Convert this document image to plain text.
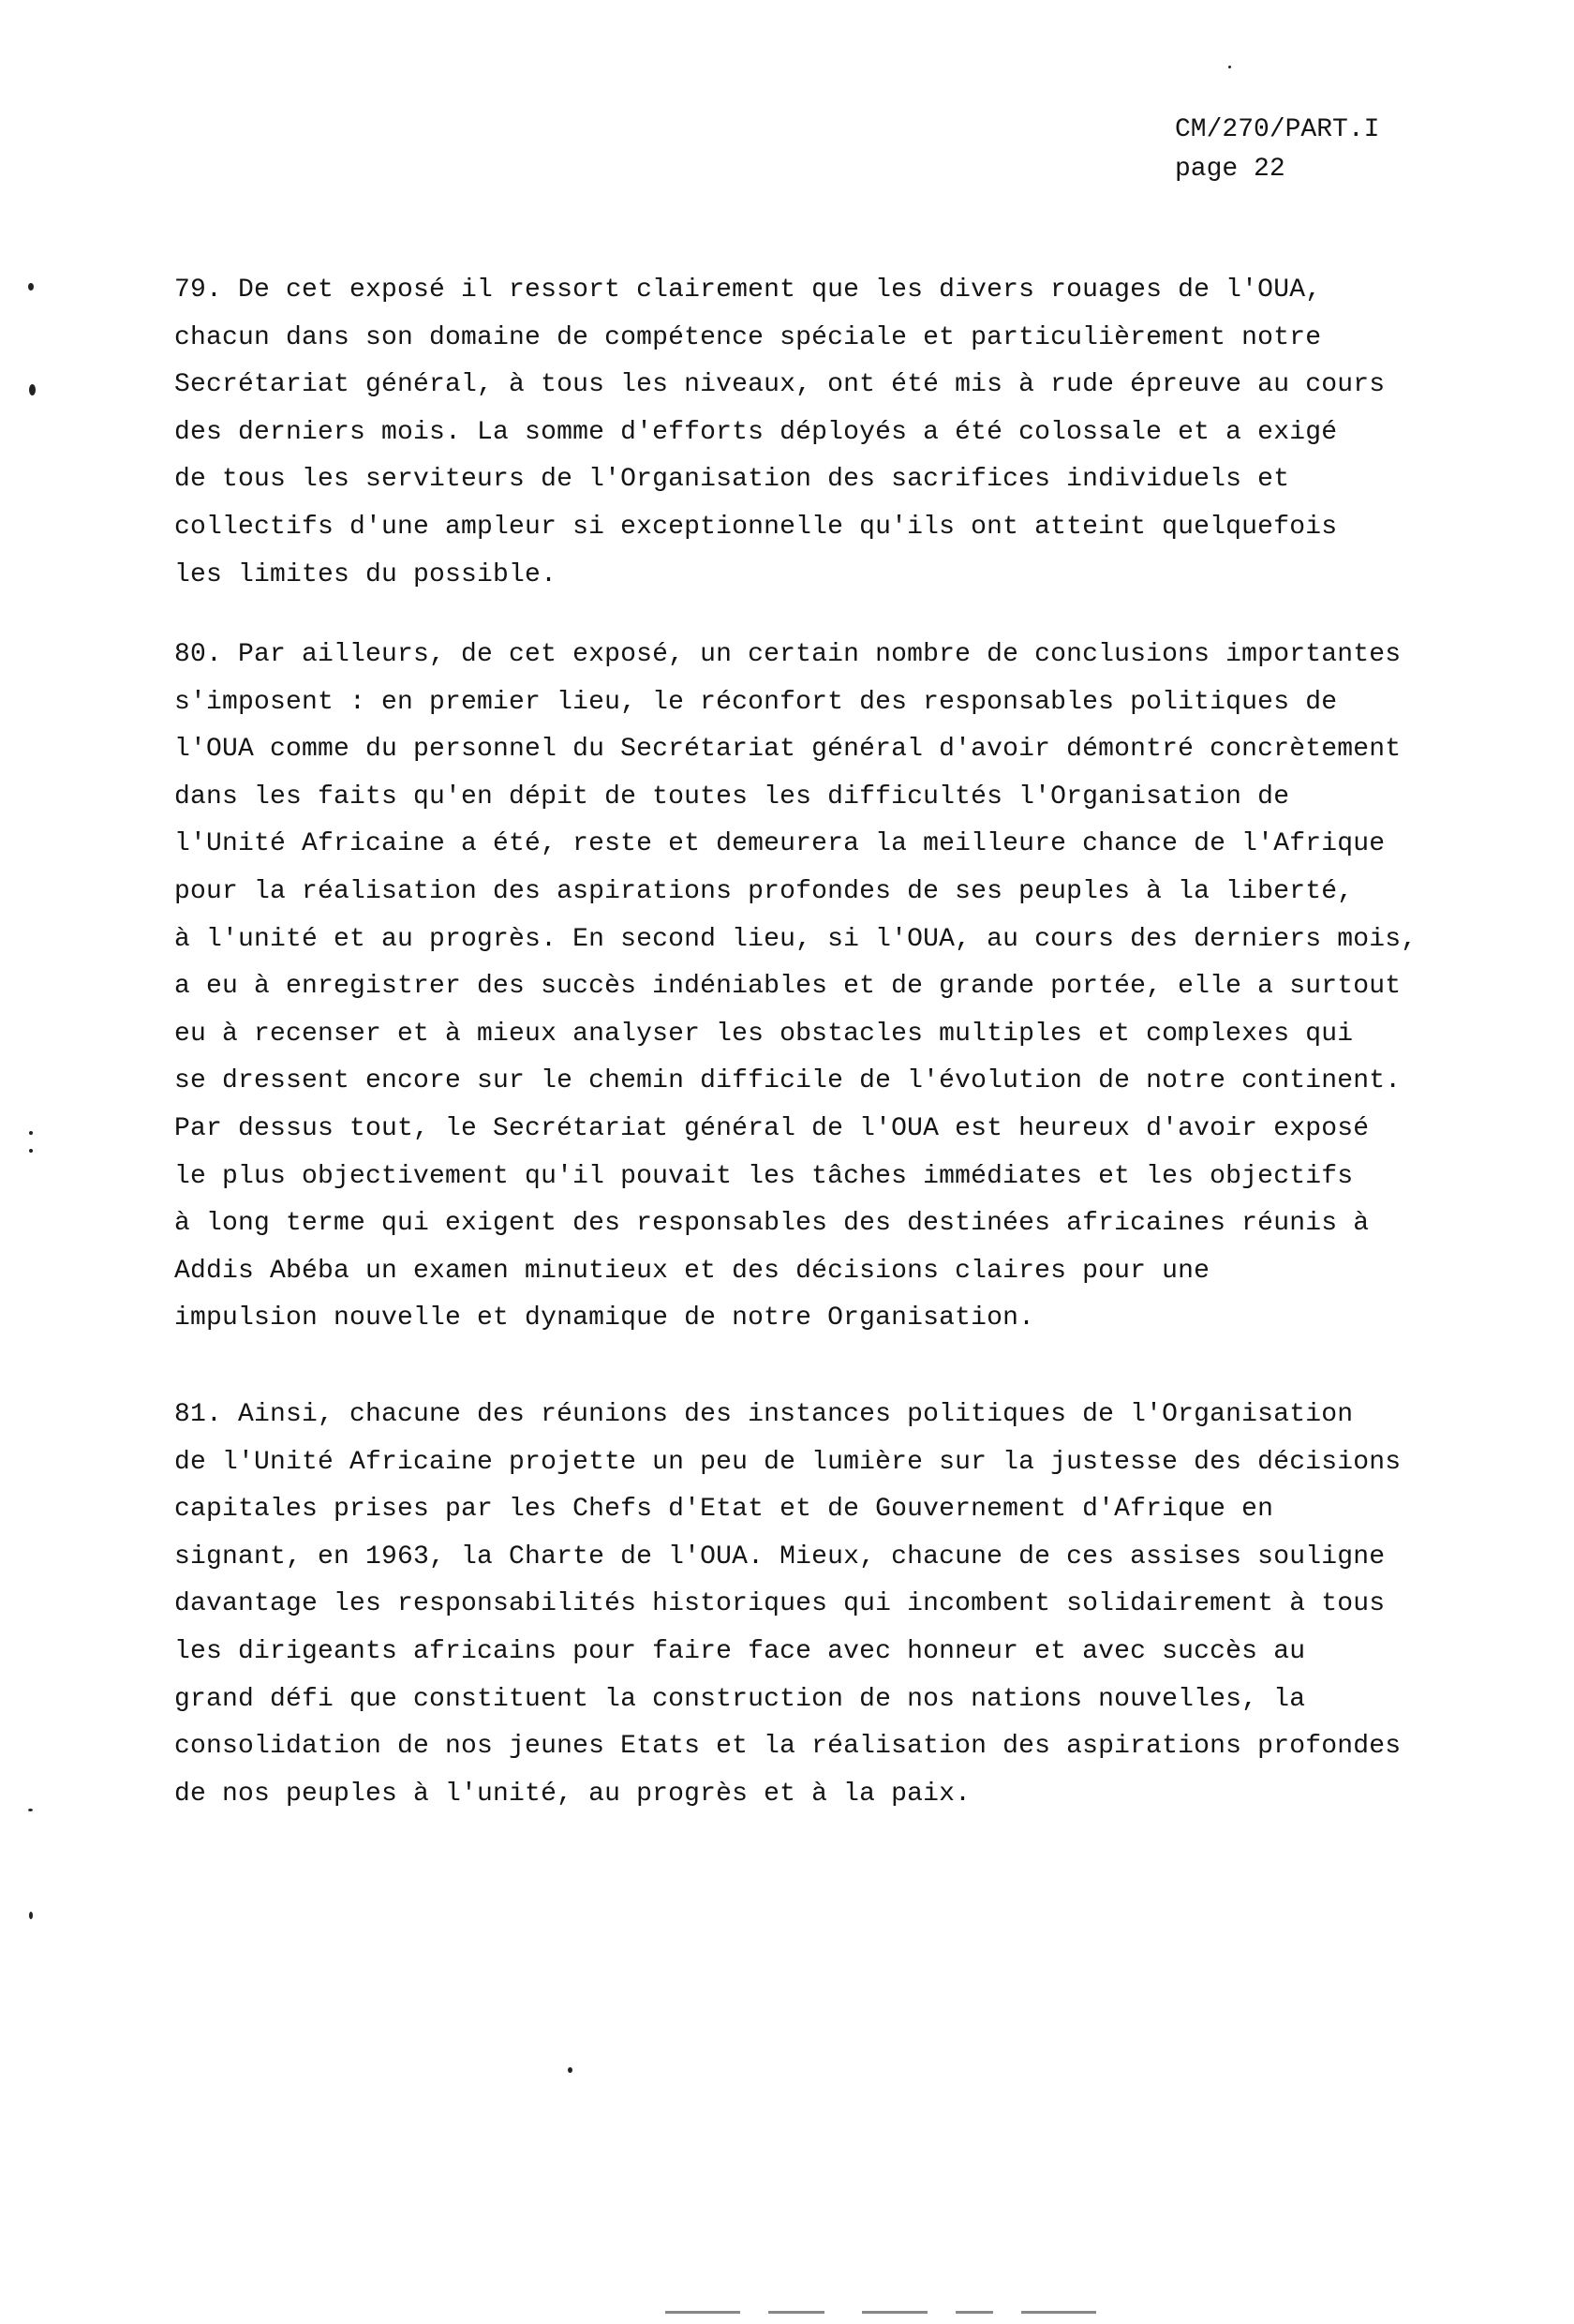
CM/270/PART.I
page 22

79. De cet exposé il ressort clairement que les divers rouages de l'OUA,
chacun dans son domaine de compétence spéciale et particulièrement notre
Secrétariat général, à tous les niveaux, ont été mis à rude épreuve au cours
des derniers mois. La somme d'efforts déployés a été colossale et a exigé
de tous les serviteurs de l'Organisation des sacrifices individuels et
collectifs d'une ampleur si exceptionnelle qu'ils ont atteint quelquefois
les limites du possible.

80. Par ailleurs, de cet exposé, un certain nombre de conclusions importantes
s'imposent : en premier lieu, le réconfort des responsables politiques de
l'OUA comme du personnel du Secrétariat général d'avoir démontré concrètement
dans les faits qu'en dépit de toutes les difficultés l'Organisation de
l'Unité Africaine a été, reste et demeurera la meilleure chance de l'Afrique
pour la réalisation des aspirations profondes de ses peuples à la liberté,
à l'unité et au progrès. En second lieu, si l'OUA, au cours des derniers mois,
a eu à enregistrer des succès indéniables et de grande portée, elle a surtout
eu à recenser et à mieux analyser les obstacles multiples et complexes qui
se dressent encore sur le chemin difficile de l'évolution de notre continent.
Par dessus tout, le Secrétariat général de l'OUA est heureux d'avoir exposé
le plus objectivement qu'il pouvait les tâches immédiates et les objectifs
à long terme qui exigent des responsables des destinées africaines réunis à
Addis Abéba un examen minutieux et des décisions claires pour une
impulsion nouvelle et dynamique de notre Organisation.

81. Ainsi, chacune des réunions des instances politiques de l'Organisation
de l'Unité Africaine projette un peu de lumière sur la justesse des décisions
capitales prises par les Chefs d'Etat et de Gouvernement d'Afrique en
signant, en 1963, la Charte de l'OUA. Mieux, chacune de ces assises souligne
davantage les responsabilités historiques qui incombent solidairement à tous
les dirigeants africains pour faire face avec honneur et avec succès au
grand défi que constituent la construction de nos nations nouvelles, la
consolidation de nos jeunes Etats et la réalisation des aspirations profondes
de nos peuples à l'unité, au progrès et à la paix.
